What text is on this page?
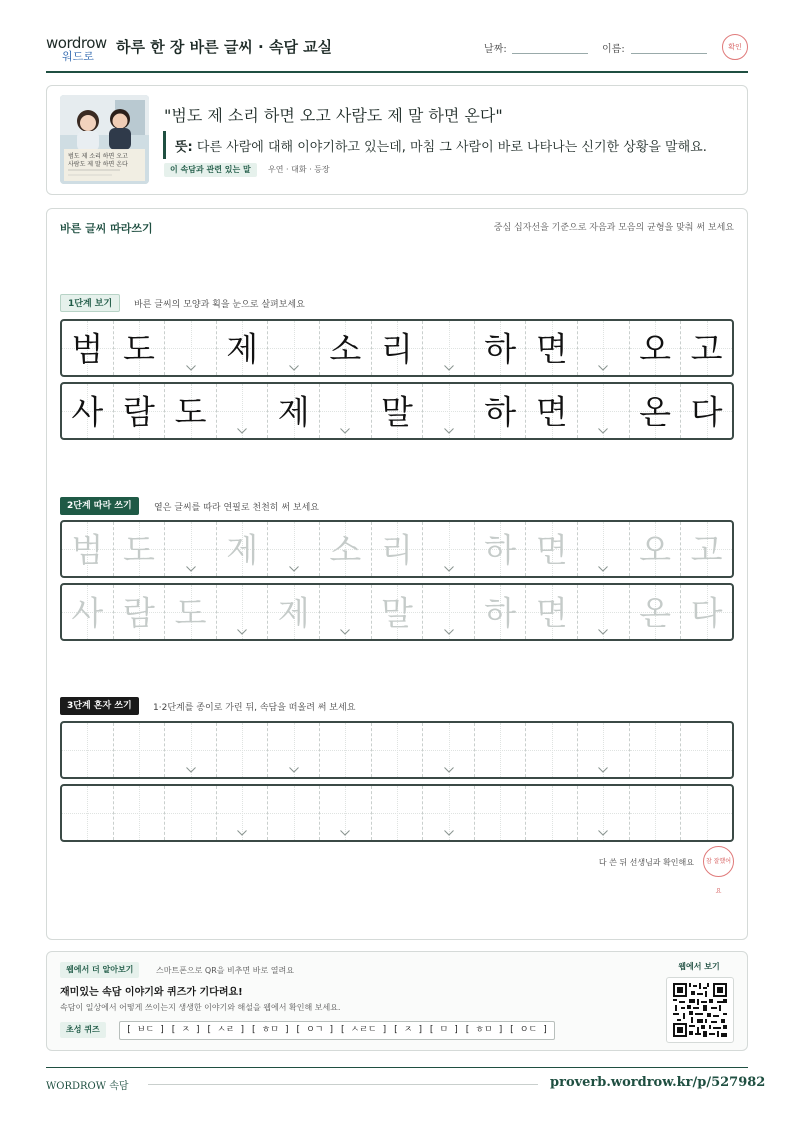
wordrow
워드로
하루 한 장 바른 글씨 · 속담 교실	날짜:	이름:	확인
범도 제 소리 하면 오고
사람도 제 말 하면 온다
"범도 제 소리 하면 오고 사람도 제 말 하면 온다"
뜻: 다른 사람에 대해 이야기하고 있는데, 마침 그 사람이 바로 나타나는 신기한 상황을 말해요.
이 속담과 관련 있는 말	우연 · 대화 · 등장
바른 글씨 따라쓰기	중심 십자선을 기준으로 자음과 모음의 균형을 맞춰 써 보세요
1단계 보기	바른 글씨의 모양과 획을 눈으로 살펴보세요
범 도 제 소 리 하 면 오 고
사 람 도 제 말 하 면 온 다
2단계 따라 쓰기	옅은 글씨를 따라 연필로 천천히 써 보세요
범 도 제 소 리 하 면 오 고
사 람 도 제 말 하 면 온 다
3단계 혼자 쓰기	1·2단계를 종이로 가린 뒤, 속담을 떠올려 써 보세요
다 쓴 뒤 선생님과 확인해요	참 잘했어요
웹에서 더 알아보기	스마트폰으로 QR을 비추면 바로 열려요
재미있는 속담 이야기와 퀴즈가 기다려요!
속담이 일상에서 어떻게 쓰이는지 생생한 이야기와 해설을 웹에서 확인해 보세요.
초성 퀴즈	[ ㅂㄷ ] [ ㅈ ] [ ㅅㄹ ] [ ㅎㅁ ] [ ㅇㄱ ] [ ㅅㄹㄷ ] [ ㅈ ] [ ㅁ ] [ ㅎㅁ ] [ ㅇㄷ ]
웹에서 보기
WORDROW 속담	proverb.wordrow.kr/p/527982
